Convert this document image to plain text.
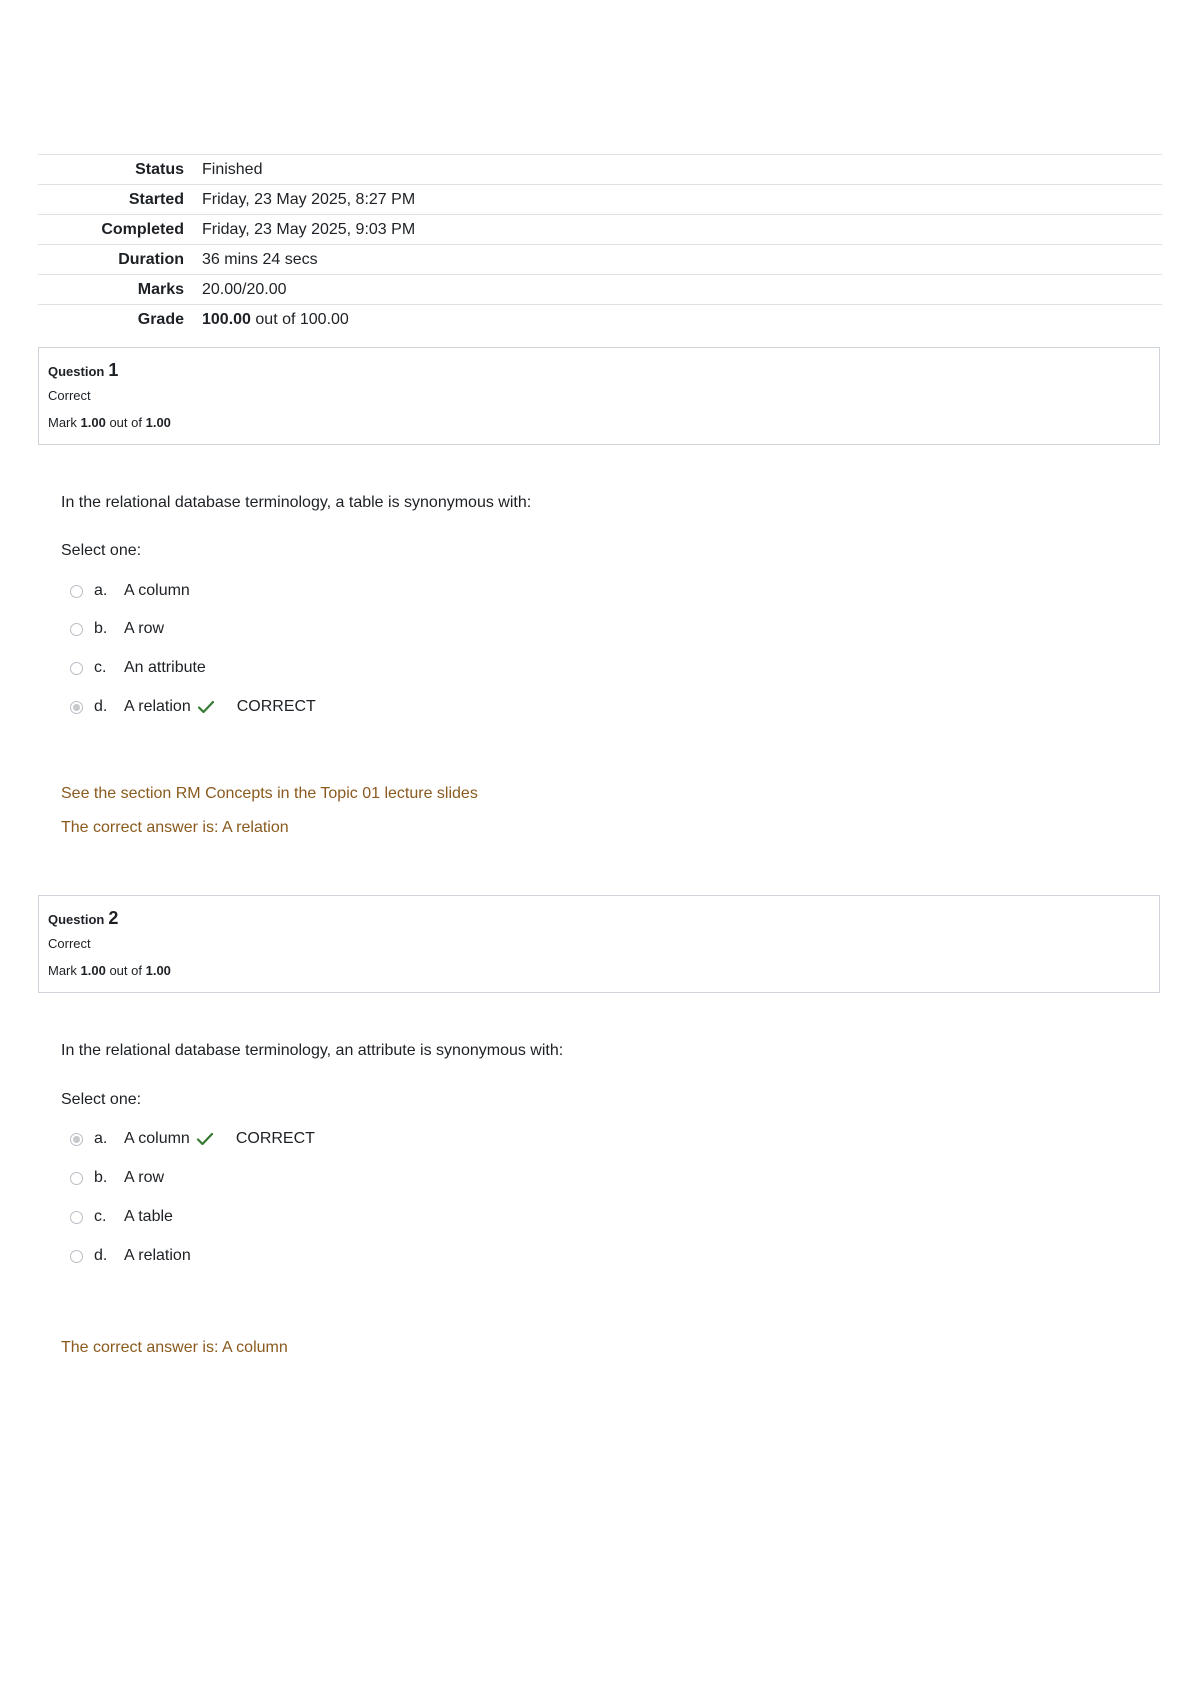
Status	Finished
Started	Friday, 23 May 2025, 8:27 PM
Completed	Friday, 23 May 2025, 9:03 PM
Duration	36 mins 24 secs
Marks	20.00/20.00
Grade	100.00 out of 100.00
Question 1
Correct
Mark 1.00 out of 1.00
In the relational database terminology, a table is synonymous with:
Select one:
a.	A column
b.	A row
c.	An attribute
d.	A relation	CORRECT
See the section RM Concepts in the Topic 01 lecture slides
The correct answer is: A relation
Question 2
Correct
Mark 1.00 out of 1.00
In the relational database terminology, an attribute is synonymous with:
Select one:
a.	A column	CORRECT
b.	A row
c.	A table
d.	A relation
The correct answer is: A column
